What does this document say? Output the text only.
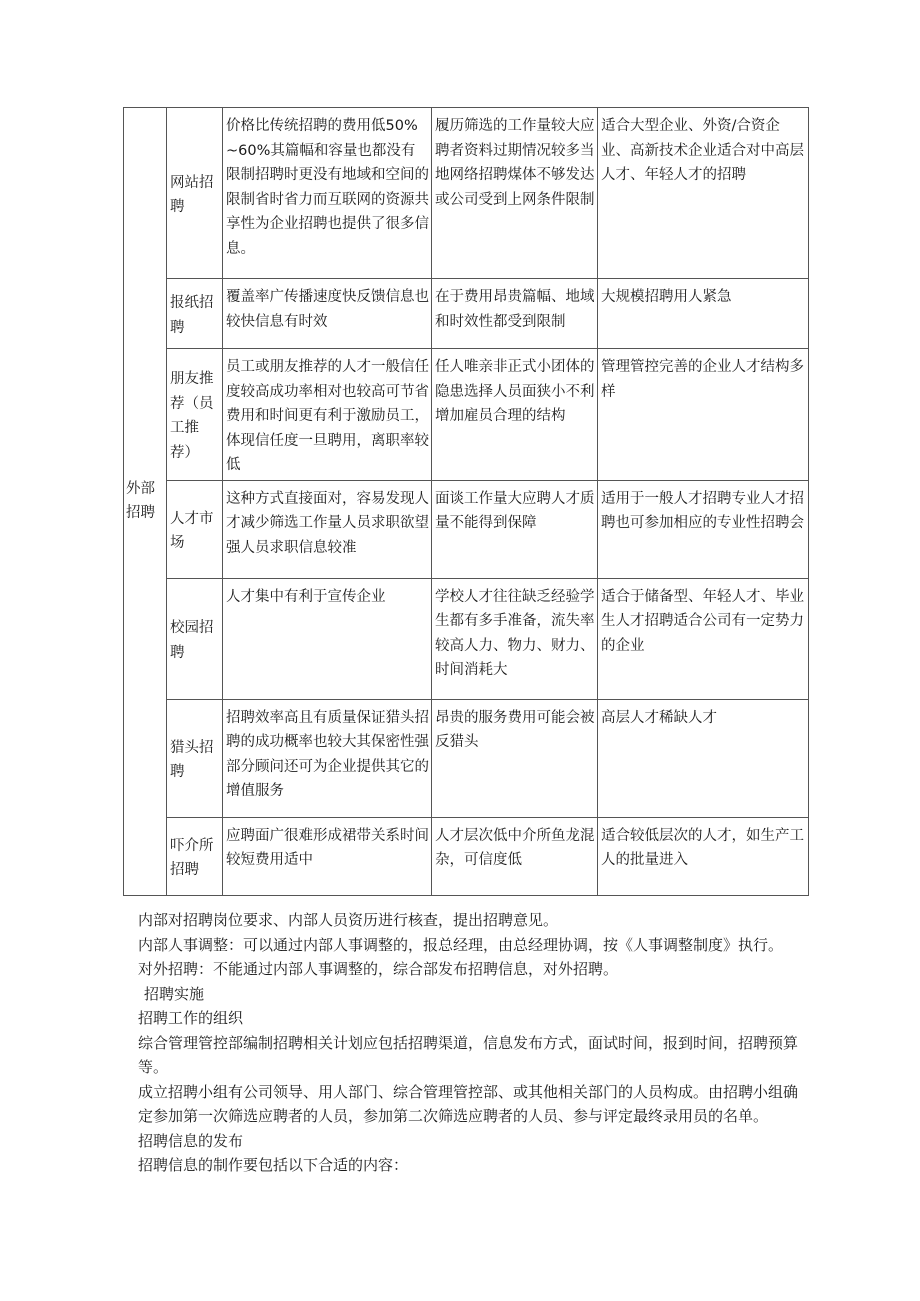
外部招聘	网站招聘	价格比传统招聘的费用低50%~60%其篇幅和容量也都没有限制招聘时更没有地域和空间的限制省时省力而互联网的资源共享性为企业招聘也提供了很多信息。	履历筛选的工作量较大应聘者资料过期情况较多当地网络招聘煤体不够发达或公司受到上网条件限制	适合大型企业、外资/合资企业、高新技术企业适合对中高层人才、年轻人才的招聘
	报纸招聘	覆盖率广传播速度快反馈信息也较快信息有时效	在于费用昂贵篇幅、地域和时效性都受到限制	大规模招聘用人紧急
	朋友推荐（员工推荐）	员工或朋友推荐的人才一般信任度较高成功率相对也较高可节省费用和时间更有利于激励员工，体现信任度一旦聘用，离职率较低	任人唯亲非正式小团体的隐患选择人员面狭小不利增加雇员合理的结构	管理管控完善的企业人才结构多样
	人才市场	这种方式直接面对，容易发现人才减少筛选工作量人员求职欲望强人员求职信息较准	面谈工作量大应聘人才质量不能得到保障	适用于一般人才招聘专业人才招聘也可参加相应的专业性招聘会
	校园招聘	人才集中有利于宣传企业	学校人才往往缺乏经验学生都有多手准备，流失率较高人力、物力、财力、时间消耗大	适合于储备型、年轻人才、毕业生人才招聘适合公司有一定势力的企业
	猎头招聘	招聘效率高且有质量保证猎头招聘的成功概率也较大其保密性强部分顾问还可为企业提供其它的增值服务	昂贵的服务费用可能会被反猎头	高层人才稀缺人才
	吓介所招聘	应聘面广很难形成裙带关系时间较短费用适中	人才层次低中介所鱼龙混杂，可信度低	适合较低层次的人才，如生产工人的批量进入

内部对招聘岗位要求、内部人员资历进行核查，提出招聘意见。

内部人事调整：可以通过内部人事调整的，报总经理，由总经理协调，按《人事调整制度》执行。

对外招聘：不能通过内部人事调整的，综合部发布招聘信息，对外招聘。

招聘实施

招聘工作的组织

综合管理管控部编制招聘相关计划应包括招聘渠道，信息发布方式，面试时间，报到时间，招聘预算等。

成立招聘小组有公司领导、用人部门、综合管理管控部、或其他相关部门的人员构成。由招聘小组确定参加第一次筛选应聘者的人员，参加第二次筛选应聘者的人员、参与评定最终录用员的名单。

招聘信息的发布

招聘信息的制作要包括以下合适的内容：
